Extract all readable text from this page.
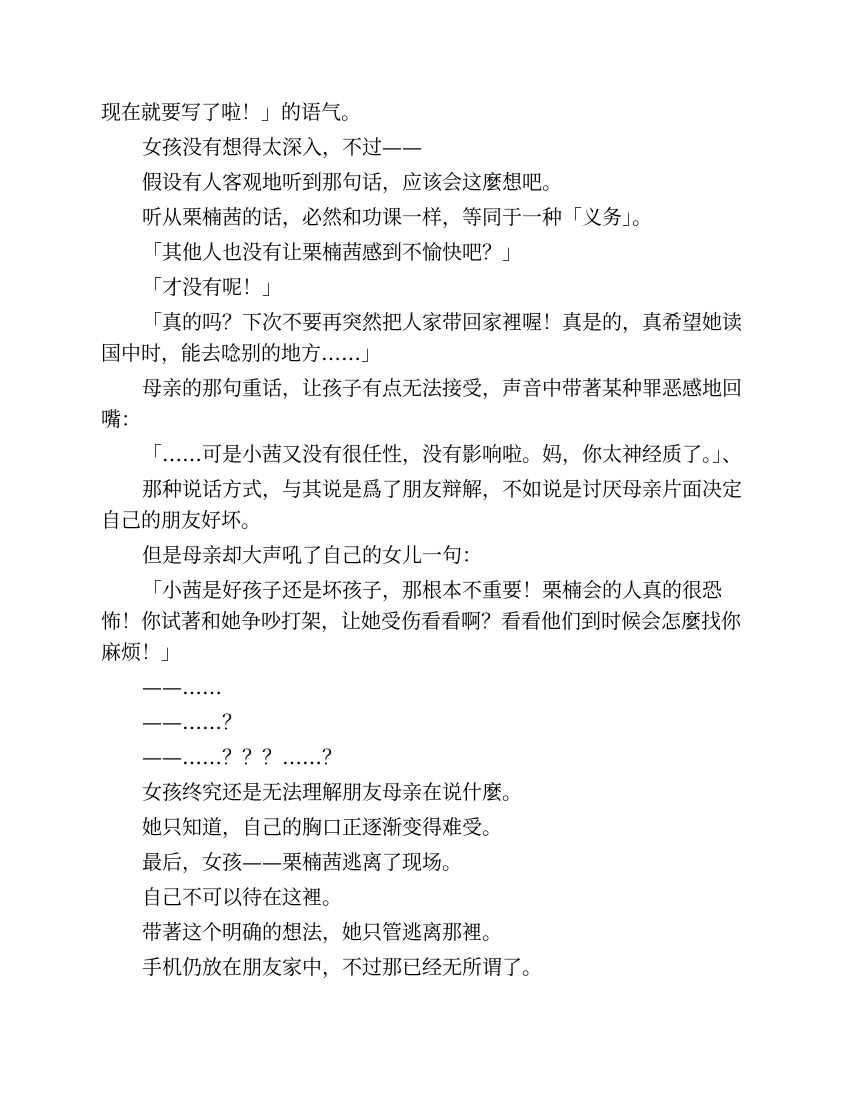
现在就要写了啦！」的语气。

女孩没有想得太深入，不过——

假设有人客观地听到那句话，应该会这麼想吧。

听从栗楠茜的话，必然和功课一样，等同于一种「义务」。

「其他人也没有让栗楠茜感到不愉快吧？」

「才没有呢！」

「真的吗？下次不要再突然把人家带回家裡喔！真是的，真希望她读国中时，能去唸别的地方……」

母亲的那句重话，让孩子有点无法接受，声音中带著某种罪恶感地回嘴：

「……可是小茜又没有很任性，没有影响啦。妈，你太神经质了。」、

那种说话方式，与其说是爲了朋友辩解，不如说是讨厌母亲片面决定自己的朋友好坏。

但是母亲却大声吼了自己的女儿一句：

「小茜是好孩子还是坏孩子，那根本不重要！栗楠会的人真的很恐怖！你试著和她争吵打架，让她受伤看看啊？看看他们到时候会怎麼找你麻烦！」

——……

——……？

——……？？？……？

女孩终究还是无法理解朋友母亲在说什麼。

她只知道，自己的胸口正逐渐变得难受。

最后，女孩——栗楠茜逃离了现场。

自己不可以待在这裡。

带著这个明确的想法，她只管逃离那裡。

手机仍放在朋友家中，不过那已经无所谓了。
